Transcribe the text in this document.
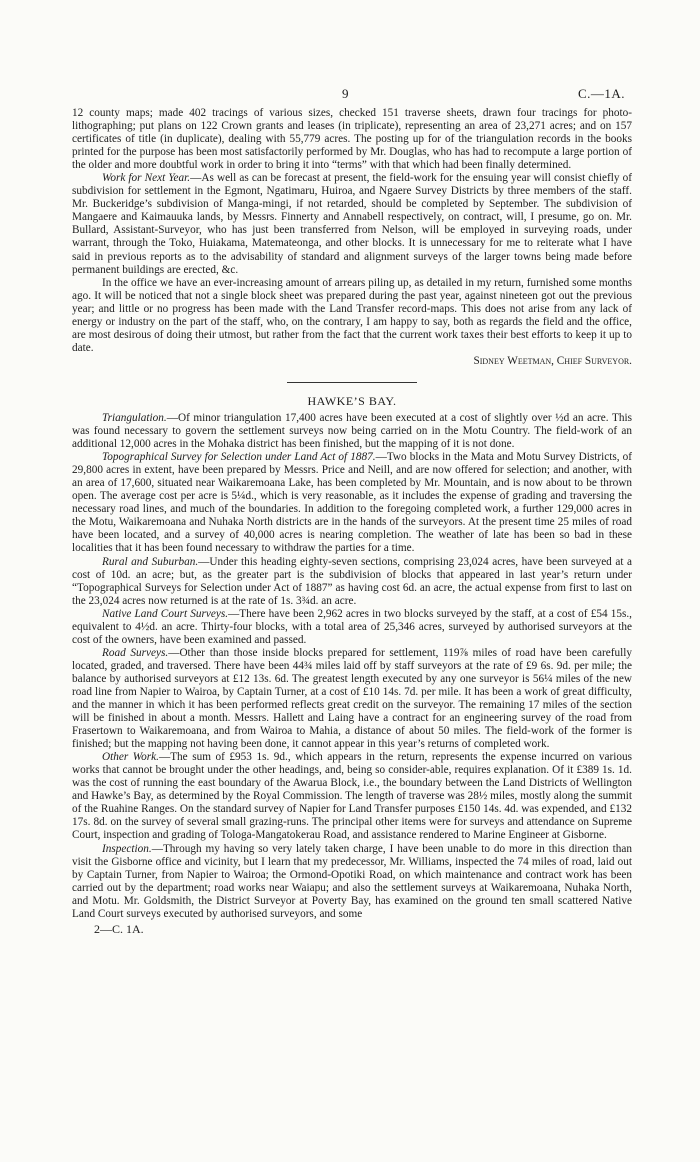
9	C.—1A.

12 county maps; made 402 tracings of various sizes, checked 151 traverse sheets, drawn four tracings for photo-lithographing; put plans on 122 Crown grants and leases (in triplicate), representing an area of 23,271 acres; and on 157 certificates of title (in duplicate), dealing with 55,779 acres. The posting up for of the triangulation records in the books printed for the purpose has been most satisfactorily performed by Mr. Douglas, who has had to recompute a large portion of the older and more doubtful work in order to bring it into “terms” with that which had been finally determined.

Work for Next Year.—As well as can be forecast at present, the field-work for the ensuing year will consist chiefly of subdivision for settlement in the Egmont, Ngatimaru, Huiroa, and Ngaere Survey Districts by three members of the staff. Mr. Buckeridge’s subdivision of Manga-mingi, if not retarded, should be completed by September. The subdivision of Mangaere and Kaimauuka lands, by Messrs. Finnerty and Annabell respectively, on contract, will, I presume, go on. Mr. Bullard, Assistant-Surveyor, who has just been transferred from Nelson, will be employed in surveying roads, under warrant, through the Toko, Huiakama, Matemateonga, and other blocks. It is unnecessary for me to reiterate what I have said in previous reports as to the advisability of standard and alignment surveys of the larger towns being made before permanent buildings are erected, &c.

In the office we have an ever-increasing amount of arrears piling up, as detailed in my return, furnished some months ago. It will be noticed that not a single block sheet was prepared during the past year, against nineteen got out the previous year; and little or no progress has been made with the Land Transfer record-maps. This does not arise from any lack of energy or industry on the part of the staff, who, on the contrary, I am happy to say, both as regards the field and the office, are most desirous of doing their utmost, but rather from the fact that the current work taxes their best efforts to keep it up to date.

Sidney Weetman, Chief Surveyor.
HAWKE’S BAY.

Triangulation.—Of minor triangulation 17,400 acres have been executed at a cost of slightly over ½d an acre. This was found necessary to govern the settlement surveys now being carried on in the Motu Country. The field-work of an additional 12,000 acres in the Mohaka district has been finished, but the mapping of it is not done.

Topographical Survey for Selection under Land Act of 1887.—Two blocks in the Mata and Motu Survey Districts, of 29,800 acres in extent, have been prepared by Messrs. Price and Neill, and are now offered for selection; and another, with an area of 17,600, situated near Waikaremoana Lake, has been completed by Mr. Mountain, and is now about to be thrown open. The average cost per acre is 5¼d., which is very reasonable, as it includes the expense of grading and traversing the necessary road lines, and much of the boundaries. In addition to the foregoing completed work, a further 129,000 acres in the Motu, Waikaremoana and Nuhaka North districts are in the hands of the surveyors. At the present time 25 miles of road have been located, and a survey of 40,000 acres is nearing completion. The weather of late has been so bad in these localities that it has been found necessary to withdraw the parties for a time.

Rural and Suburban.—Under this heading eighty-seven sections, comprising 23,024 acres, have been surveyed at a cost of 10d. an acre; but, as the greater part is the subdivision of blocks that appeared in last year’s return under “Topographical Surveys for Selection under Act of 1887” as having cost 6d. an acre, the actual expense from first to last on the 23,024 acres now returned is at the rate of 1s. 3¾d. an acre.

Native Land Court Surveys.—There have been 2,962 acres in two blocks surveyed by the staff, at a cost of £54 15s., equivalent to 4½d. an acre. Thirty-four blocks, with a total area of 25,346 acres, surveyed by authorised surveyors at the cost of the owners, have been examined and passed.

Road Surveys.—Other than those inside blocks prepared for settlement, 119⅞ miles of road have been carefully located, graded, and traversed. There have been 44¾ miles laid off by staff surveyors at the rate of £9 6s. 9d. per mile; the balance by authorised surveyors at £12 13s. 6d. The greatest length executed by any one surveyor is 56¼ miles of the new road line from Napier to Wairoa, by Captain Turner, at a cost of £10 14s. 7d. per mile. It has been a work of great difficulty, and the manner in which it has been performed reflects great credit on the surveyor. The remaining 17 miles of the section will be finished in about a month. Messrs. Hallett and Laing have a contract for an engineering survey of the road from Frasertown to Waikaremoana, and from Wairoa to Mahia, a distance of about 50 miles. The field-work of the former is finished; but the mapping not having been done, it cannot appear in this year’s returns of completed work.

Other Work.—The sum of £953 1s. 9d., which appears in the return, represents the expense incurred on various works that cannot be brought under the other headings, and, being so consider-able, requires explanation. Of it £389 1s. 1d. was the cost of running the east boundary of the Awarua Block, i.e., the boundary between the Land Districts of Wellington and Hawke’s Bay, as determined by the Royal Commission. The length of traverse was 28½ miles, mostly along the summit of the Ruahine Ranges. On the standard survey of Napier for Land Transfer purposes £150 14s. 4d. was expended, and £132 17s. 8d. on the survey of several small grazing-runs. The principal other items were for surveys and attendance on Supreme Court, inspection and grading of Tologa-Mangatokerau Road, and assistance rendered to Marine Engineer at Gisborne.

Inspection.—Through my having so very lately taken charge, I have been unable to do more in this direction than visit the Gisborne office and vicinity, but I learn that my predecessor, Mr. Williams, inspected the 74 miles of road, laid out by Captain Turner, from Napier to Wairoa; the Ormond-Opotiki Road, on which maintenance and contract work has been carried out by the department; road works near Waiapu; and also the settlement surveys at Waikaremoana, Nuhaka North, and Motu. Mr. Goldsmith, the District Surveyor at Poverty Bay, has examined on the ground ten small scattered Native Land Court surveys executed by authorised surveyors, and some

2—C. 1A.
